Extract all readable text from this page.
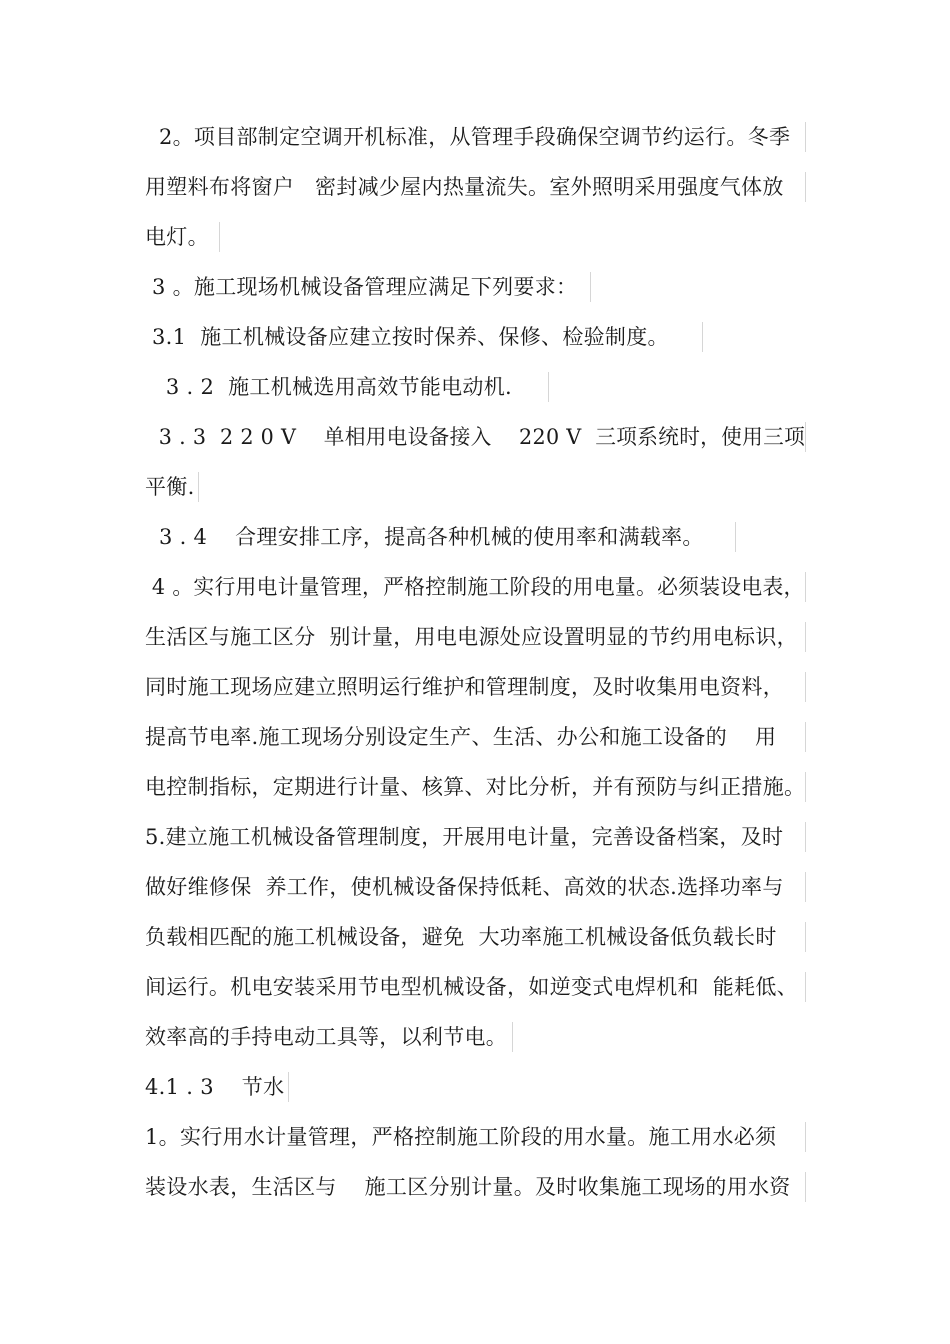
2。项目部制定空调开机标准，从管理手段确保空调节约运行。冬季
用塑料布将窗户   密封减少屋内热量流失。室外照明采用强度气体放
电灯。
3 。施工现场机械设备管理应满足下列要求：
3.1  施工机械设备应建立按时保养、保修、检验制度。
3 . 2  施工机械选用高效节能电动机.
3 . 3  2 2 0 V    单相用电设备接入    220 V  三项系统时，使用三项
平衡.
3 . 4    合理安排工序，提高各种机械的使用率和满载率。
4 。实行用电计量管理，严格控制施工阶段的用电量。必须装设电表，
生活区与施工区分  别计量，用电电源处应设置明显的节约用电标识，
同时施工现场应建立照明运行维护和管理制度，及时收集用电资料，
提高节电率.施工现场分别设定生产、生活、办公和施工设备的    用
电控制指标，定期进行计量、核算、对比分析，并有预防与纠正措施。
5.建立施工机械设备管理制度，开展用电计量，完善设备档案，及时
做好维修保  养工作，使机械设备保持低耗、高效的状态.选择功率与
负载相匹配的施工机械设备，避免  大功率施工机械设备低负载长时
间运行。机电安装采用节电型机械设备，如逆变式电焊机和  能耗低、
效率高的手持电动工具等，以利节电。
4.1 . 3    节水
1。实行用水计量管理，严格控制施工阶段的用水量。施工用水必须
装设水表，生活区与    施工区分别计量。及时收集施工现场的用水资
